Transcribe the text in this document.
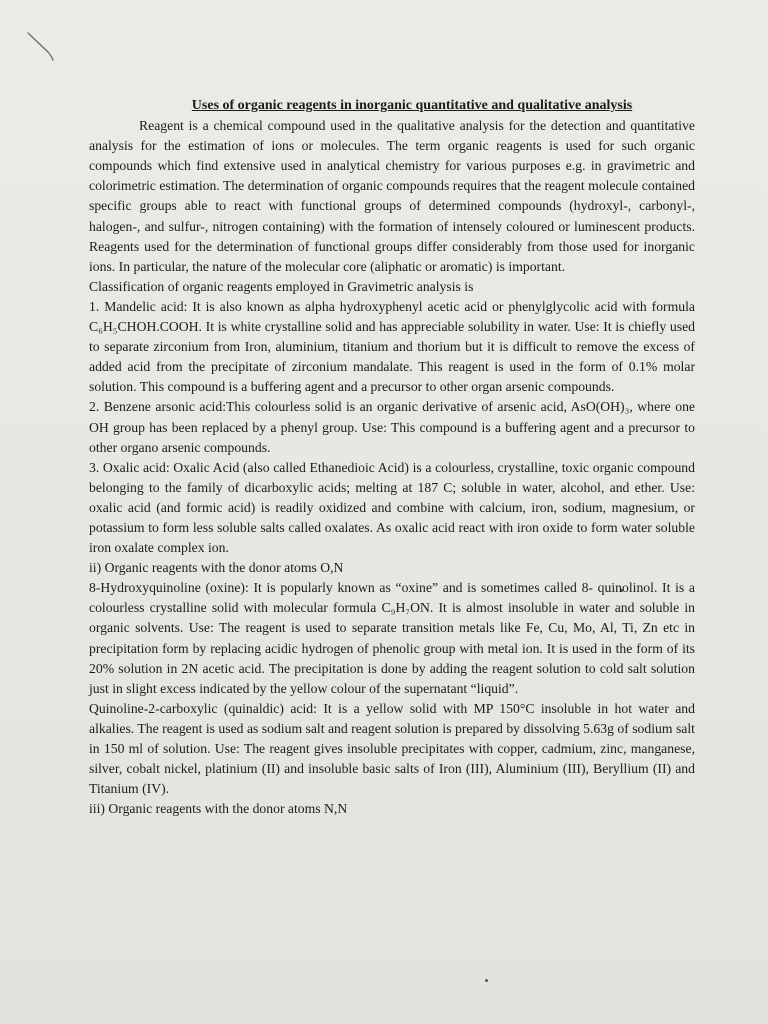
Uses of organic reagents in inorganic quantitative and qualitative analysis

Reagent is a chemical compound used in the qualitative analysis for the detection and quantitative analysis for the estimation of ions or molecules. The term organic reagents is used for such organic compounds which find extensive used in analytical chemistry for various purposes e.g. in gravimetric and colorimetric estimation. The determination of organic compounds requires that the reagent molecule contained specific groups able to react with functional groups of determined compounds (hydroxyl-, carbonyl-, halogen-, and sulfur-, nitrogen containing) with the formation of intensely coloured or luminescent products. Reagents used for the determination of functional groups differ considerably from those used for inorganic ions. In particular, the nature of the molecular core (aliphatic or aromatic) is important.

Classification of organic reagents employed in Gravimetric analysis is

1. Mandelic acid: It is also known as alpha hydroxyphenyl acetic acid or phenylglycolic acid with formula C₆H₅CHOH.COOH. It is white crystalline solid and has appreciable solubility in water. Use: It is chiefly used to separate zirconium from Iron, aluminium, titanium and thorium but it is difficult to remove the excess of added acid from the precipitate of zirconium mandalate. This reagent is used in the form of 0.1% molar solution. This compound is a buffering agent and a precursor to other organ arsenic compounds.

2. Benzene arsonic acid:This colourless solid is an organic derivative of arsenic acid, AsO(OH)₃, where one OH group has been replaced by a phenyl group. Use: This compound is a buffering agent and a precursor to other organo arsenic compounds.

3. Oxalic acid: Oxalic Acid (also called Ethanedioic Acid) is a colourless, crystalline, toxic organic compound belonging to the family of dicarboxylic acids; melting at 187 C; soluble in water, alcohol, and ether. Use: oxalic acid (and formic acid) is readily oxidized and combine with calcium, iron, sodium, magnesium, or potassium to form less soluble salts called oxalates. As oxalic acid react with iron oxide to form water soluble iron oxalate complex ion.

ii) Organic reagents with the donor atoms O,N

8-Hydroxyquinoline (oxine): It is popularly known as “oxine” and is sometimes called 8- quinolinol. It is a colourless crystalline solid with molecular formula C₉H₇ON. It is almost insoluble in water and soluble in organic solvents. Use: The reagent is used to separate transition metals like Fe, Cu, Mo, Al, Ti, Zn etc in precipitation form by replacing acidic hydrogen of phenolic group with metal ion. It is used in the form of its 20% solution in 2N acetic acid. The precipitation is done by adding the reagent solution to cold salt solution just in slight excess indicated by the yellow colour of the supernatant “liquid”.

Quinoline-2-carboxylic (quinaldic) acid: It is a yellow solid with MP 150°C insoluble in hot water and alkalies. The reagent is used as sodium salt and reagent solution is prepared by dissolving 5.63g of sodium salt in 150 ml of solution. Use: The reagent gives insoluble precipitates with copper, cadmium, zinc, manganese, silver, cobalt nickel, platinium (II) and insoluble basic salts of Iron (III), Aluminium (III), Beryllium (II) and Titanium (IV).

iii) Organic reagents with the donor atoms N,N
